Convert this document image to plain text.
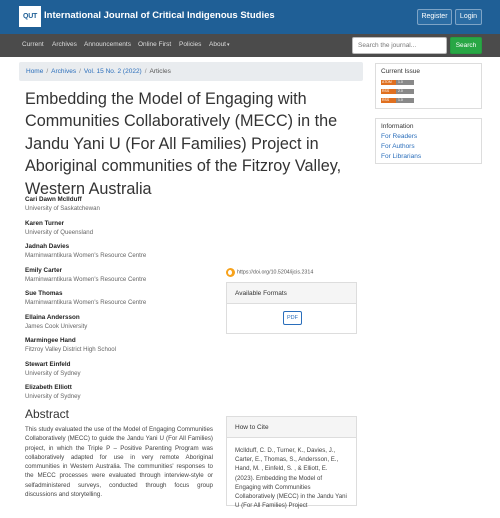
QUT International Journal of Critical Indigenous Studies	Register	Login
Current Archives Announcements Online First Policies About▾
Search the journal...	Search
Home / Archives / Vol. 15 No. 2 (2022) / Articles
Embedding the Model of Engaging with Communities Collaboratively (MECC) in the Jandu Yani U (For All Families) Project in Aboriginal communities of the Fitzroy Valley, Western Australia
Cari Dawn McIlduff
University of Saskatchewan
Karen Turner
University of Queensland
Jadnah Davies
Marninwarntikura Women's Resource Centre
Emily Carter
Marninwarntikura Women's Resource Centre
Sue Thomas
Marninwarntikura Women's Resource Centre
Ellaina Andersson
James Cook University
Marmingee Hand
Fitzroy Valley District High School
Stewart Einfeld
University of Sydney
Elizabeth Elliott
University of Sydney
https://doi.org/10.5204/ijcis.2314
Available Formats
PDF
Abstract
This study evaluated the use of the Model of Engaging Communities Collaboratively (MECC) to guide the Jandu Yani U (For All Families) project, in which the Triple P – Positive Parenting Program was collaboratively adapted for use in very remote Aboriginal communities in Western Australia. The communities' responses to the MECC processes were evaluated through interview-style or selfadministered surveys, conducted through focus group discussions and storytelling.
How to Cite
McIlduff, C. D., Turner, K., Davies, J., Carter, E., Thomas, S., Andersson, E., Hand, M. , Einfeld, S. , & Elliott, E. (2023). Embedding the Model of Engaging with Communities Collaboratively (MECC) in the Jandu Yani U (For All Families) Project
Current Issue
ATOM 1.0
RSS	2.0
RSS	1.0
Information
For Readers
For Authors
For Librarians
